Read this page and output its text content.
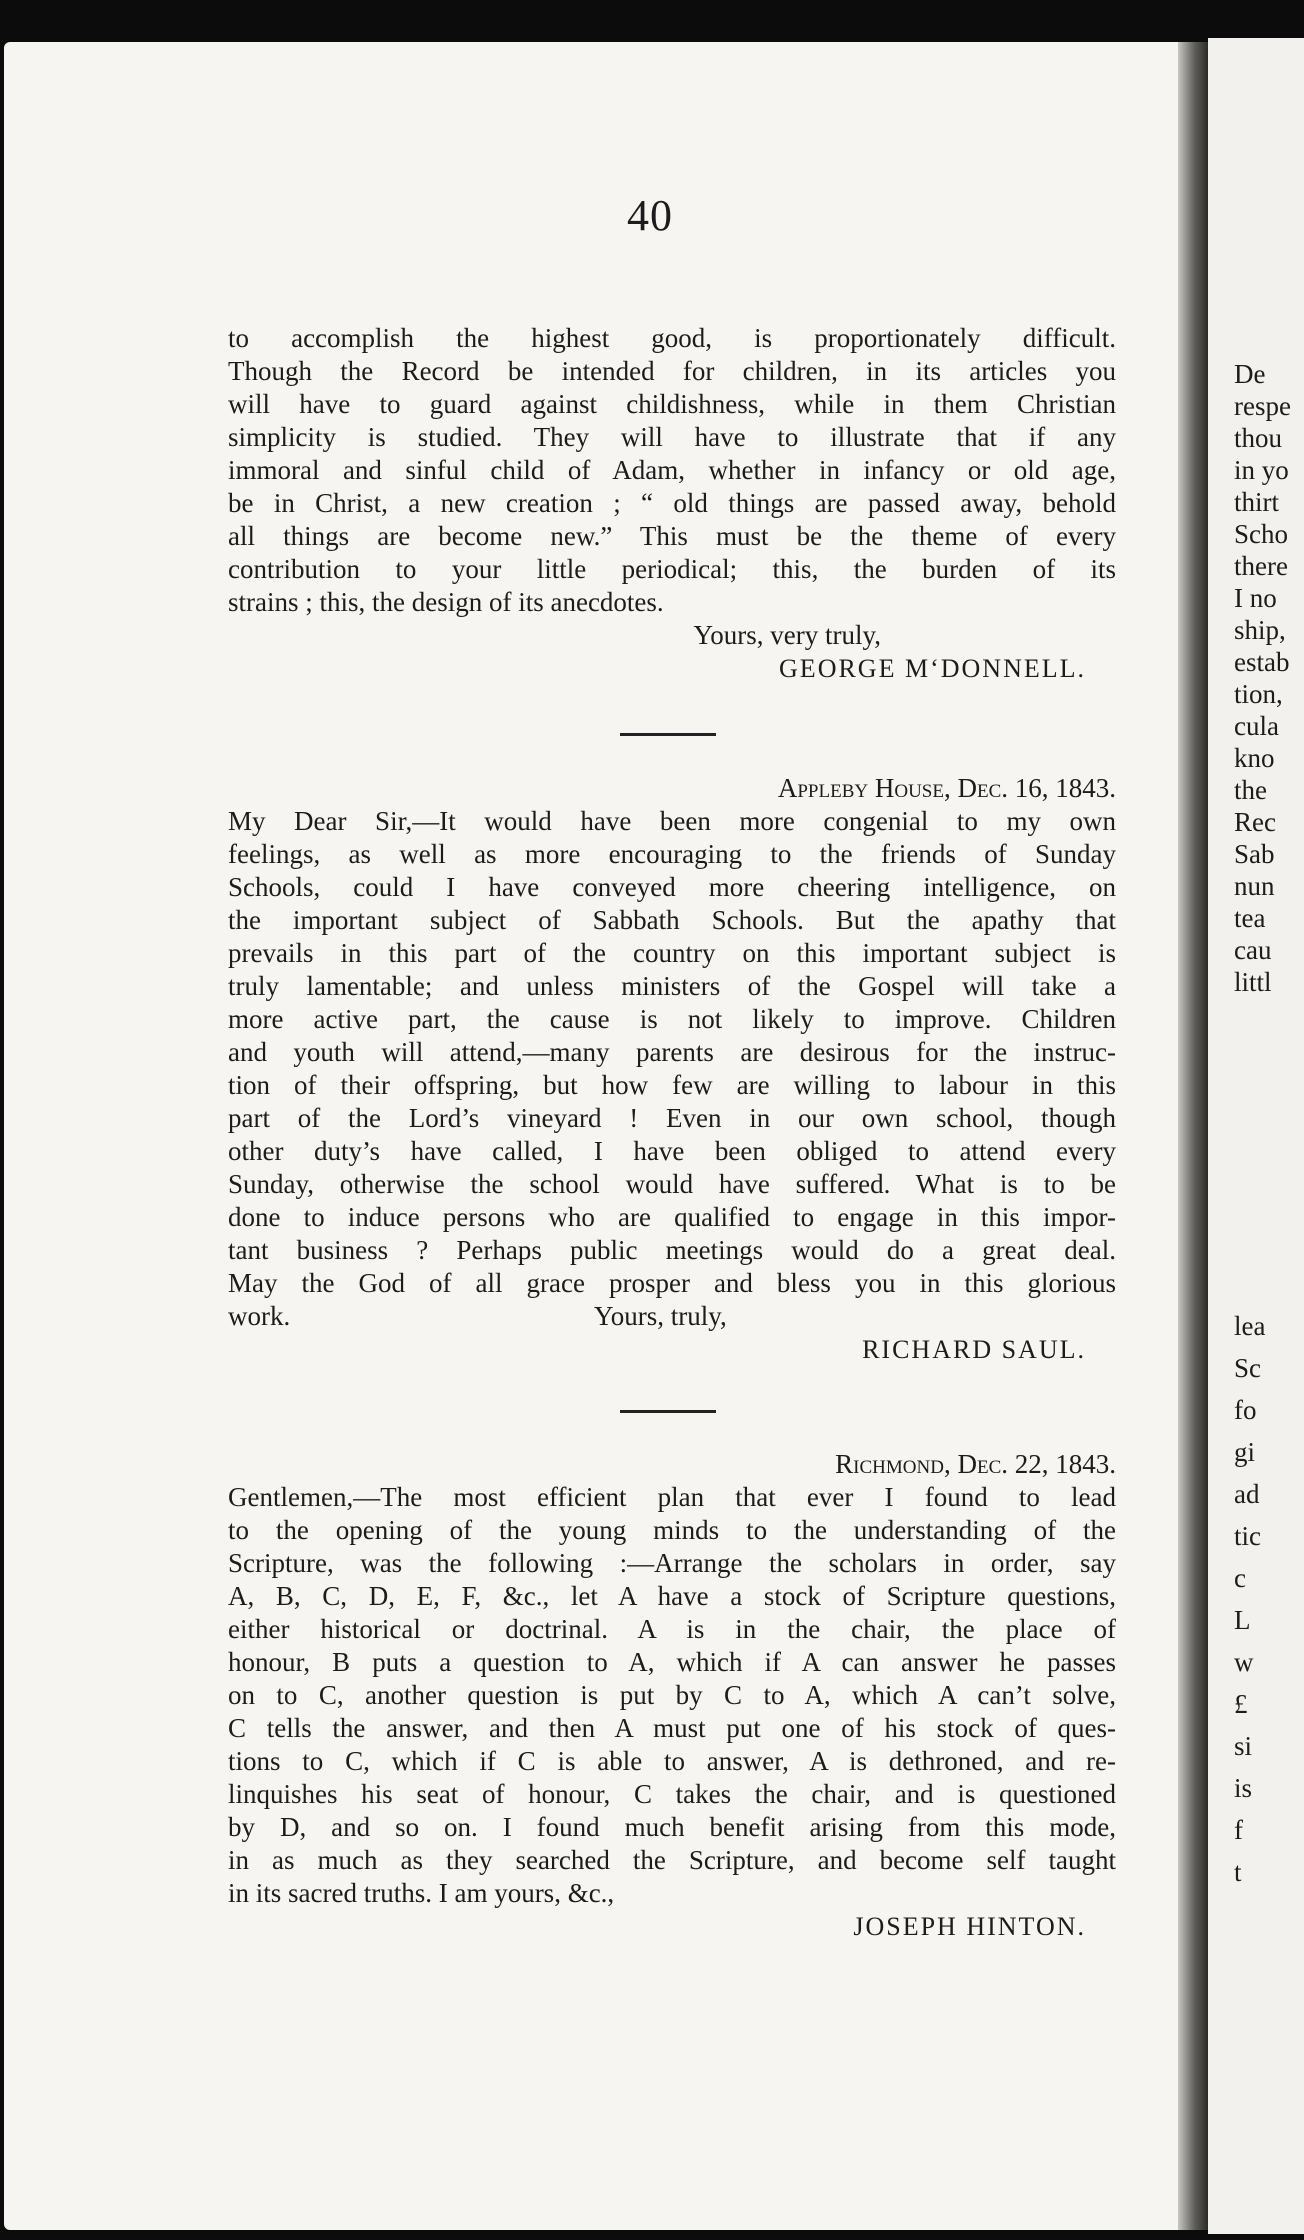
De
respe
thou
in yo
thirt
Scho
there
I no
ship,
estab
tion,
cula
kno
the
Rec
Sab
nun
tea
cau
littl
lea
Sc
fo
gi
ad
tic
c
L
w
£
si
is
f
t
40
to accomplish the highest good, is proportionately difficult.
Though the Record be intended for children, in its articles you
will have to guard against childishness, while in them Christian
simplicity is studied. They will have to illustrate that if any
immoral and sinful child of Adam, whether in infancy or old age,
be in Christ, a new creation ; “ old things are passed away, behold
all things are become new.” This must be the theme of every
contribution to your little periodical; this, the burden of its
strains ; this, the design of its anecdotes.
Yours, very truly,
GEORGE M‘DONNELL.
Appleby House, Dec. 16, 1843.
My Dear Sir,—It would have been more congenial to my own
feelings, as well as more encouraging to the friends of Sunday
Schools, could I have conveyed more cheering intelligence, on
the important subject of Sabbath Schools. But the apathy that
prevails in this part of the country on this important subject is
truly lamentable; and unless ministers of the Gospel will take a
more active part, the cause is not likely to improve. Children
and youth will attend,—many parents are desirous for the instruc-
tion of their offspring, but how few are willing to labour in this
part of the Lord’s vineyard ! Even in our own school, though
other duty’s have called, I have been obliged to attend every
Sunday, otherwise the school would have suffered. What is to be
done to induce persons who are qualified to engage in this impor-
tant business ? Perhaps public meetings would do a great deal.
May the God of all grace prosper and bless you in this glorious
work.	Yours, truly,
RICHARD SAUL.
Richmond, Dec. 22, 1843.
Gentlemen,—The most efficient plan that ever I found to lead
to the opening of the young minds to the understanding of the
Scripture, was the following :—Arrange the scholars in order, say
A, B, C, D, E, F, &c., let A have a stock of Scripture questions,
either historical or doctrinal. A is in the chair, the place of
honour, B puts a question to A, which if A can answer he passes
on to C, another question is put by C to A, which A can’t solve,
C tells the answer, and then A must put one of his stock of ques-
tions to C, which if C is able to answer, A is dethroned, and re-
linquishes his seat of honour, C takes the chair, and is questioned
by D, and so on. I found much benefit arising from this mode,
in as much as they searched the Scripture, and become self taught
in its sacred truths. I am yours, &c.,
JOSEPH HINTON.
